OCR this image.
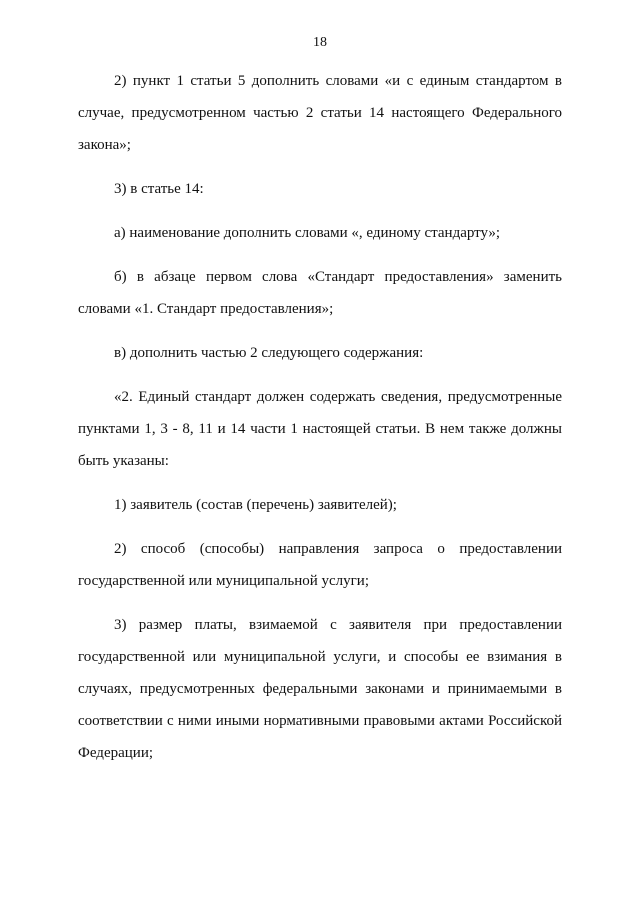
18

2) пункт 1 статьи 5 дополнить словами «и с единым стандартом в случае, предусмотренном частью 2 статьи 14 настоящего Федерального закона»;

3) в статье 14:

а) наименование дополнить словами «, единому стандарту»;

б) в абзаце первом слова «Стандарт предоставления» заменить словами «1. Стандарт предоставления»;

в) дополнить частью 2 следующего содержания:

«2. Единый стандарт должен содержать сведения, предусмотренные пунктами 1, 3 - 8, 11 и 14 части 1 настоящей статьи. В нем также должны быть указаны:

1) заявитель (состав (перечень) заявителей);

2) способ (способы) направления запроса о предоставлении государственной или муниципальной услуги;

3) размер платы, взимаемой с заявителя при предоставлении государственной или муниципальной услуги, и способы ее взимания в случаях, предусмотренных федеральными законами и принимаемыми в соответствии с ними иными нормативными правовыми актами Российской Федерации;
